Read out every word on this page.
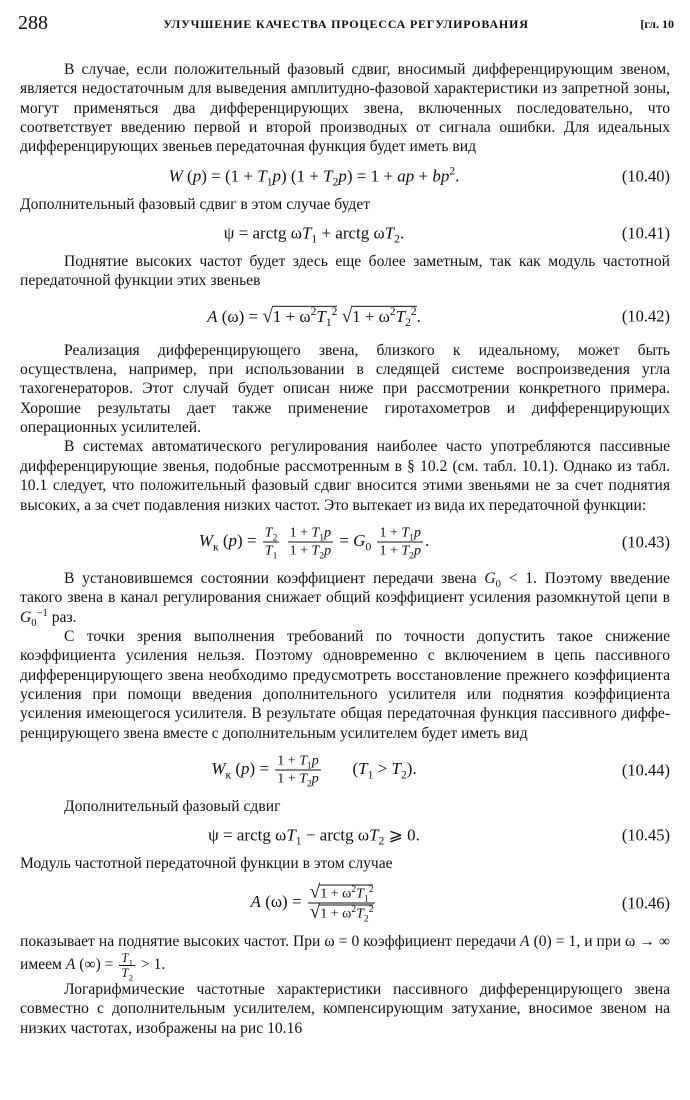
288	УЛУЧШЕНИЕ КАЧЕСТВА ПРОЦЕССА РЕГУЛИРОВАНИЯ	[гл. 10

В случае, если положительный фазовый сдвиг, вносимый дифференцирующим звеном, является недостаточным для выведения амплитудно-фазовой характеристики из запретной зоны, могут применяться два дифференцирующих звена, включенных последовательно, что соответствует введению первой и второй производных от сигнала ошибки. Для идеальных дифференцирующих звеньев передаточная функция будет иметь вид

W $(p) = (1 + T_1p)$ $(1 + T_2p) = 1$ + ap + $bp^2$.	(10.40)

Дополнительный фазовый сдвиг в этом случае будет

ψ = arctg $\omega T_1$ + arctg $\omega T_2$.	(10.41)

Поднятие высоких частот будет здесь еще более заметным, так как модуль частотной передаточной функции этих звеньев

A $(\omega) = √1 + \omega^2T_1^2$ $√1 + \omega^2T_2^2$.	(10.42)

Реализация дифференцирующего звена, близкого к идеальному, может быть осуществлена, например, при использовании в следящей системе воспроизведения угла тахогенераторов. Этот случай будет описан ниже при рассмотрении конкретного примера. Хорошие результаты дает также применение гиротахометров и дифференцирующих операционных усилителей.

В системах автоматического регулирования наиболее часто употребляются пассивные дифференцирующие звенья, подобные рассмотренным в § 10.2 (см. табл. 10.1). Однако из табл. 10.1 следует, что положительный фазовый сдвиг вносится этими звеньями не за счет поднятия высоких, а за счет подавления низких частот. Это вытекает из вида их передаточной функции:

$W_к$ $(p) = \frac{T_2}{T_1}$
$\frac{1 + T_1p}{1 + T_2p} = G_0 \frac{1 + T_1p}{1 + T_2p}$ .	(10.43)

В установившемся состоянии коэффициент передачи звена $G_0 < 1$. Поэтому введение такого звена в канал регулирования снижает общий коэффициент усиления разомкнутой цепи в $G_0^{-1}$ раз.

С точки зрения выполнения требований по точности допустить такое снижение коэффициента усиления нельзя. Поэтому одновременно с включением в цепь пассивного дифференцирующего звена необходимо предусмотреть восстановление прежнего коэффициента усиления при помощи введения дополнительного усилителя или поднятия коэффициента усиления имеющегося усилителя. В результате общая передаточная функция пассивного дифференцирующего звена вместе с дополнительным усилителем будет иметь вид

$W_к$ $(p) = \frac{1 + T_1p}{1 + T_2p} (T_1 > T_2)$.	(10.44)

Дополнительный фазовый сдвиг

ψ = arctg $\omega T_1$ − arctg $\omega T_2$ ⩾ 0.	(10.45)

Модуль частотной передаточной функции в этом случае

A $(\omega) = \frac{√1 + \omega^2T_1^2}{√1 + \omega^2T_2^2}$	(10.46)

показывает на поднятие высоких частот. При ω = 0 коэффициент передачи A (0) = 1, и при ω → ∞ имеем A (∞) = $\frac{T_1}{T_2} > 1$.

Логарифмические частотные характеристики пассивного дифференцирующего звена совместно с дополнительным усилителем, компенсирующим затухание, вносимое звеном на низких частотах, изображены на рис 10.16
